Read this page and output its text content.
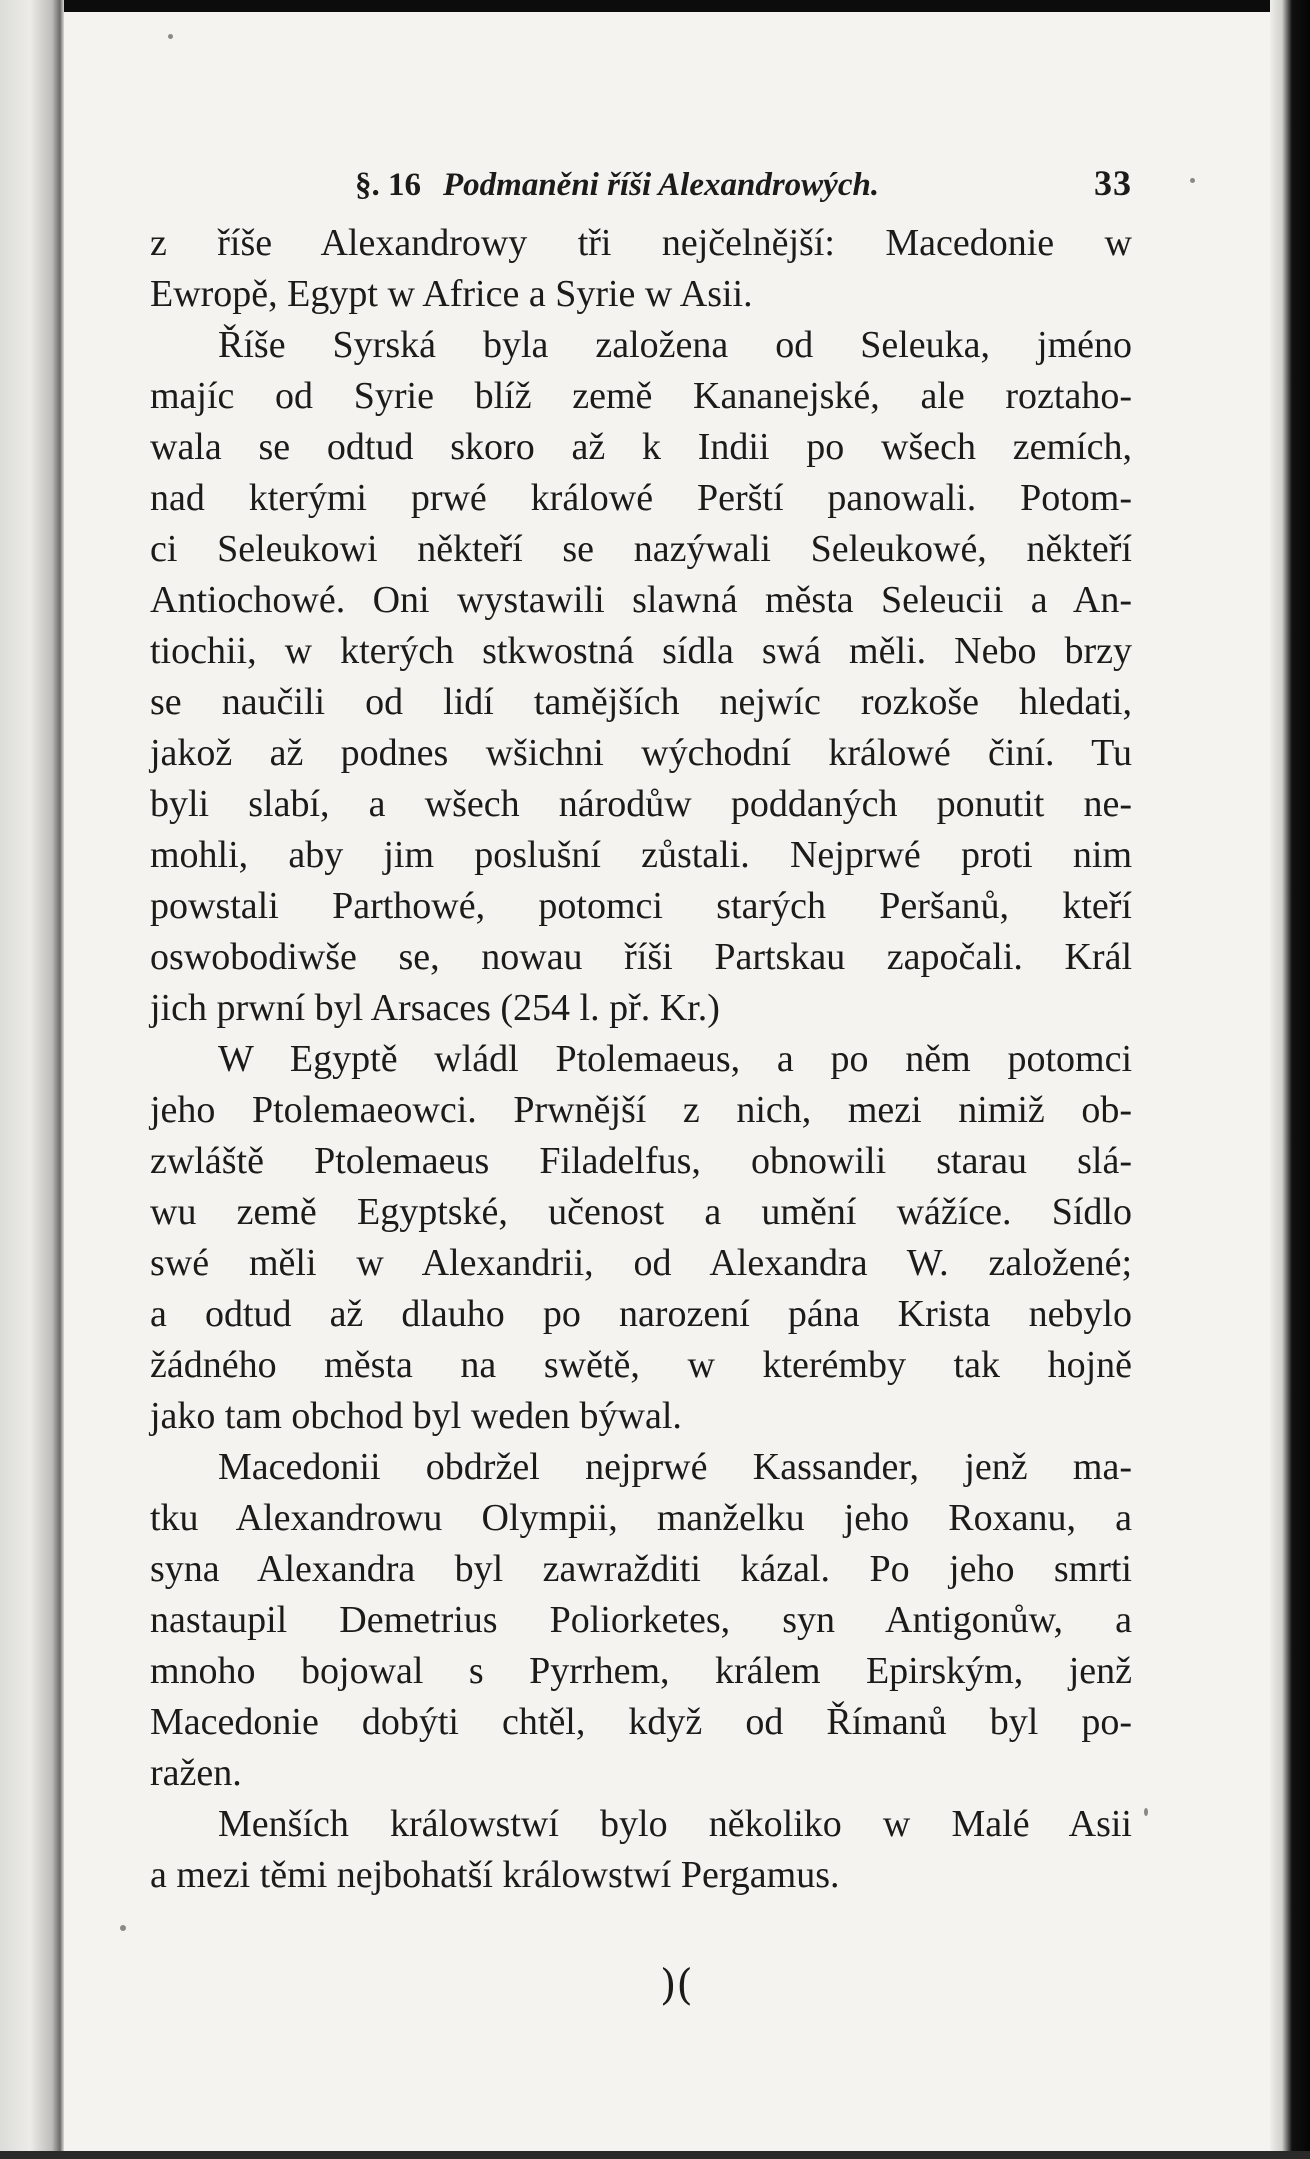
§. 16 Podmaněni říši Alexandrowých.	33

z říše Alexandrowy tři nejčelnější: Macedonie w
Ewropě, Egypt w Africe a Syrie w Asii.

Říše Syrská byla založena od Seleuka, jméno
majíc od Syrie blíž země Kananejské, ale roztaho-
wala se odtud skoro až k Indii po wšech zemích,
nad kterými prwé králowé Perští panowali. Potom-
ci Seleukowi někteří se nazýwali Seleukowé, někteří
Antiochowé. Oni wystawili slawná města Seleucii a An-
tiochii, w kterých stkwostná sídla swá měli. Nebo brzy
se naučili od lidí tamějších nejwíc rozkoše hledati,
jakož až podnes wšichni wýchodní králowé činí. Tu
byli slabí, a wšech národůw poddaných ponutit ne-
mohli, aby jim poslušní zůstali. Nejprwé proti nim
powstali Parthowé, potomci starých Peršanů, kteří
oswobodiwše se, nowau říši Partskau započali. Král
jich prwní byl Arsaces (254 l. př. Kr.)

W Egyptě wládl Ptolemaeus, a po něm potomci
jeho Ptolemaeowci. Prwnější z nich, mezi nimiž ob-
zwláště Ptolemaeus Filadelfus, obnowili starau slá-
wu země Egyptské, učenost a umění wážíce. Sídlo
swé měli w Alexandrii, od Alexandra W. založené;
a odtud až dlauho po narození pána Krista nebylo
žádného města na swětě, w kterémby tak hojně
jako tam obchod byl weden býwal.

Macedonii obdržel nejprwé Kassander, jenž ma-
tku Alexandrowu Olympii, manželku jeho Roxanu, a
syna Alexandra byl zawražditi kázal. Po jeho smrti
nastaupil Demetrius Poliorketes, syn Antigonůw, a
mnoho bojowal s Pyrrhem, králem Epirským, jenž
Macedonie dobýti chtěl, když od Římanů byl po-
ražen.

Menších králowstwí bylo několiko w Malé Asii
a mezi těmi nejbohatší králowstwí Pergamus.

)(
